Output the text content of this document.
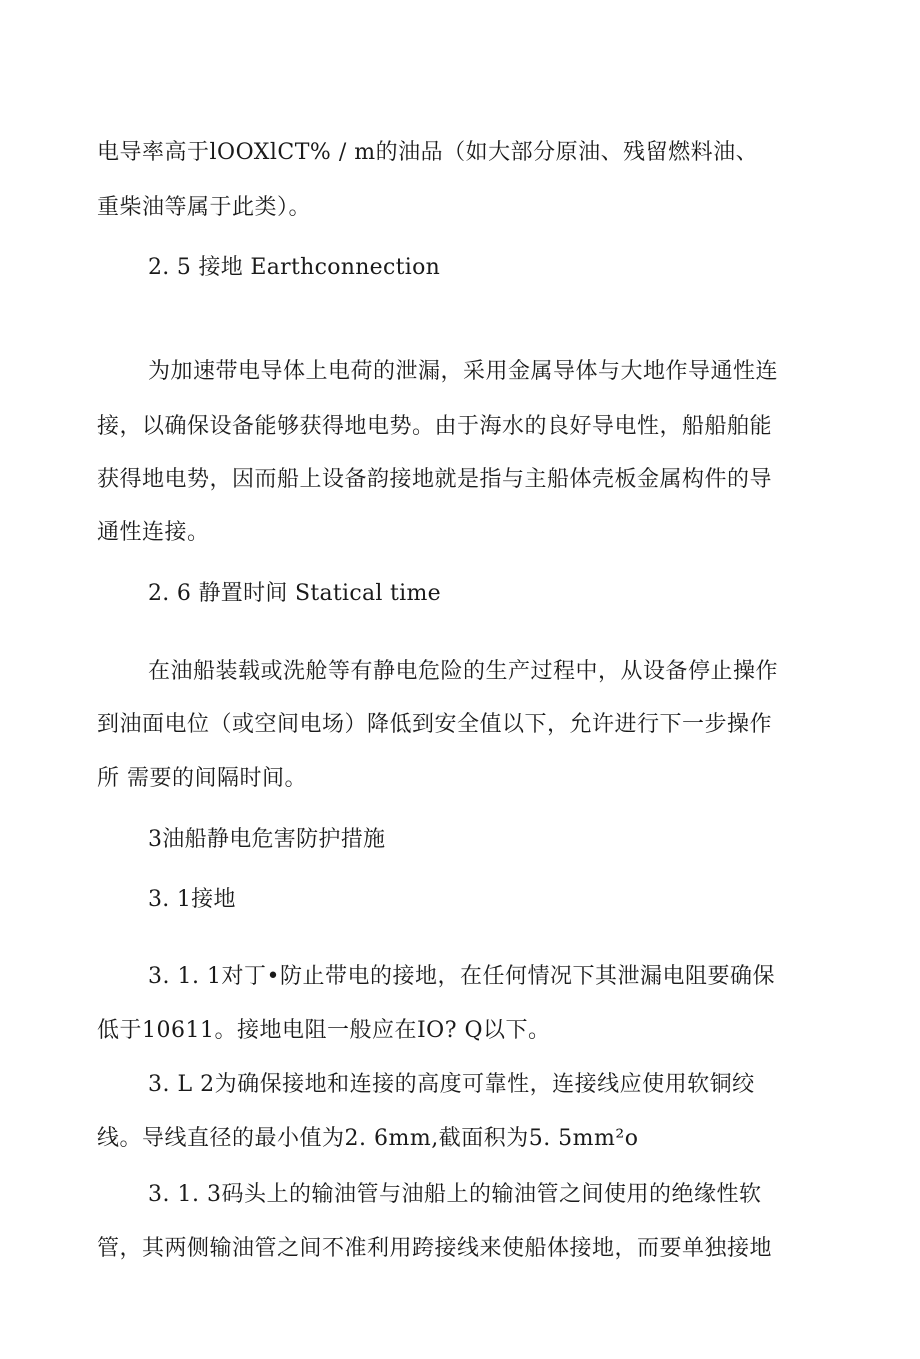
电导率高于lOOXlCT% / m的油品（如大部分原油、残留燃料油、
重柴油等属于此类）。
2. 5 接地 Earthconnection
为加速带电导体上电荷的泄漏，采用金属导体与大地作导通性连
接，以确保设备能够获得地电势。由于海水的良好导电性，船船舶能
获得地电势，因而船上设备韵接地就是指与主船体壳板金属构件的导
通性连接。
2. 6 静置时间 Statical time
在油船装载或洗舱等有静电危险的生产过程中，从设备停止操作
到油面电位（或空间电场）降低到安全值以下，允许进行下一步操作
所 需要的间隔时间。
3油船静电危害防护措施
3. 1接地
3. 1. 1对丁•防止带电的接地，在任何情况下其泄漏电阻要确保
低于10611。接地电阻一般应在IO? Q以下。
3. L 2为确保接地和连接的高度可靠性，连接线应使用软铜绞
线。导线直径的最小值为2. 6mm,截面积为5. 5mm²o
3. 1. 3码头上的输油管与油船上的输油管之间使用的绝缘性软
管，其两侧输油管之间不准利用跨接线来使船体接地，而要单独接地
